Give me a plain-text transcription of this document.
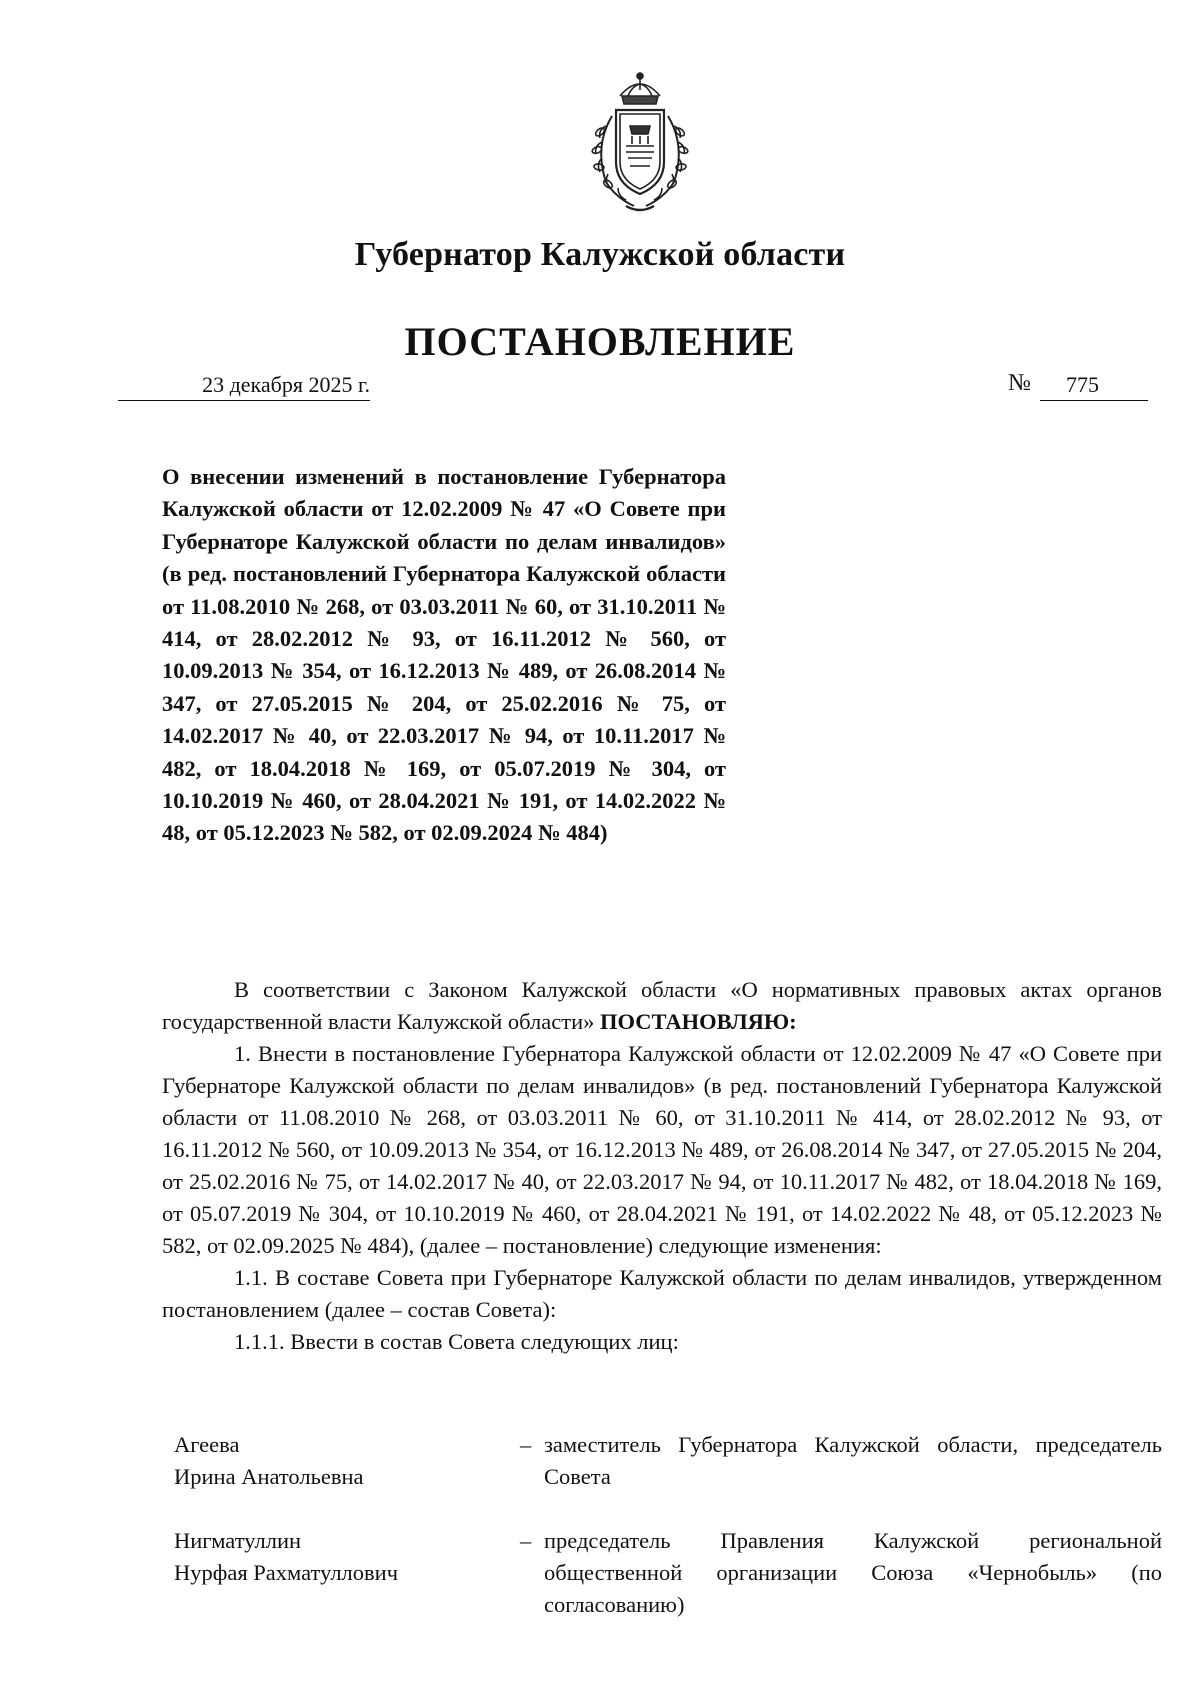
Губернатор Калужской области
ПОСТАНОВЛЕНИЕ
23 декабря 2025 г.	№	775
О внесении изменений в постановление Губернатора Калужской области от 12.02.2009 № 47 «О Совете при Губернаторе Калужской области по делам инвалидов» (в ред. постановлений Губернатора Калужской области от 11.08.2010 № 268, от 03.03.2011 № 60, от 31.10.2011 № 414, от 28.02.2012 № 93, от 16.11.2012 № 560, от 10.09.2013 № 354, от 16.12.2013 № 489, от 26.08.2014 № 347, от 27.05.2015 № 204, от 25.02.2016 № 75, от 14.02.2017 № 40, от 22.03.2017 № 94, от 10.11.2017 № 482, от 18.04.2018 № 169, от 05.07.2019 № 304, от 10.10.2019 № 460, от 28.04.2021 № 191, от 14.02.2022 № 48, от 05.12.2023 № 582, от 02.09.2024 № 484)

В соответствии с Законом Калужской области «О нормативных правовых актах органов государственной власти Калужской области» ПОСТАНОВЛЯЮ:

1. Внести в постановление Губернатора Калужской области от 12.02.2009 № 47 «О Совете при Губернаторе Калужской области по делам инвалидов» (в ред. постановлений Губернатора Калужской области от 11.08.2010 № 268, от 03.03.2011 № 60, от 31.10.2011 № 414, от 28.02.2012 № 93, от 16.11.2012 № 560, от 10.09.2013 № 354, от 16.12.2013 № 489, от 26.08.2014 № 347, от 27.05.2015 № 204, от 25.02.2016 № 75, от 14.02.2017 № 40, от 22.03.2017 № 94, от 10.11.2017 № 482, от 18.04.2018 № 169, от 05.07.2019 № 304, от 10.10.2019 № 460, от 28.04.2021 № 191, от 14.02.2022 № 48, от 05.12.2023 № 582, от 02.09.2025 № 484), (далее – постановление) следующие изменения:

1.1. В составе Совета при Губернаторе Калужской области по делам инвалидов, утвержденном постановлением (далее – состав Совета):

1.1.1. Ввести в состав Совета следующих лиц:

Агеева
Ирина Анатольевна
– заместитель Губернатора Калужской области, председатель Совета
Нигматуллин
Нурфая Рахматуллович
– председатель Правления Калужской региональной общественной организации Союза «Чернобыль» (по согласованию)
